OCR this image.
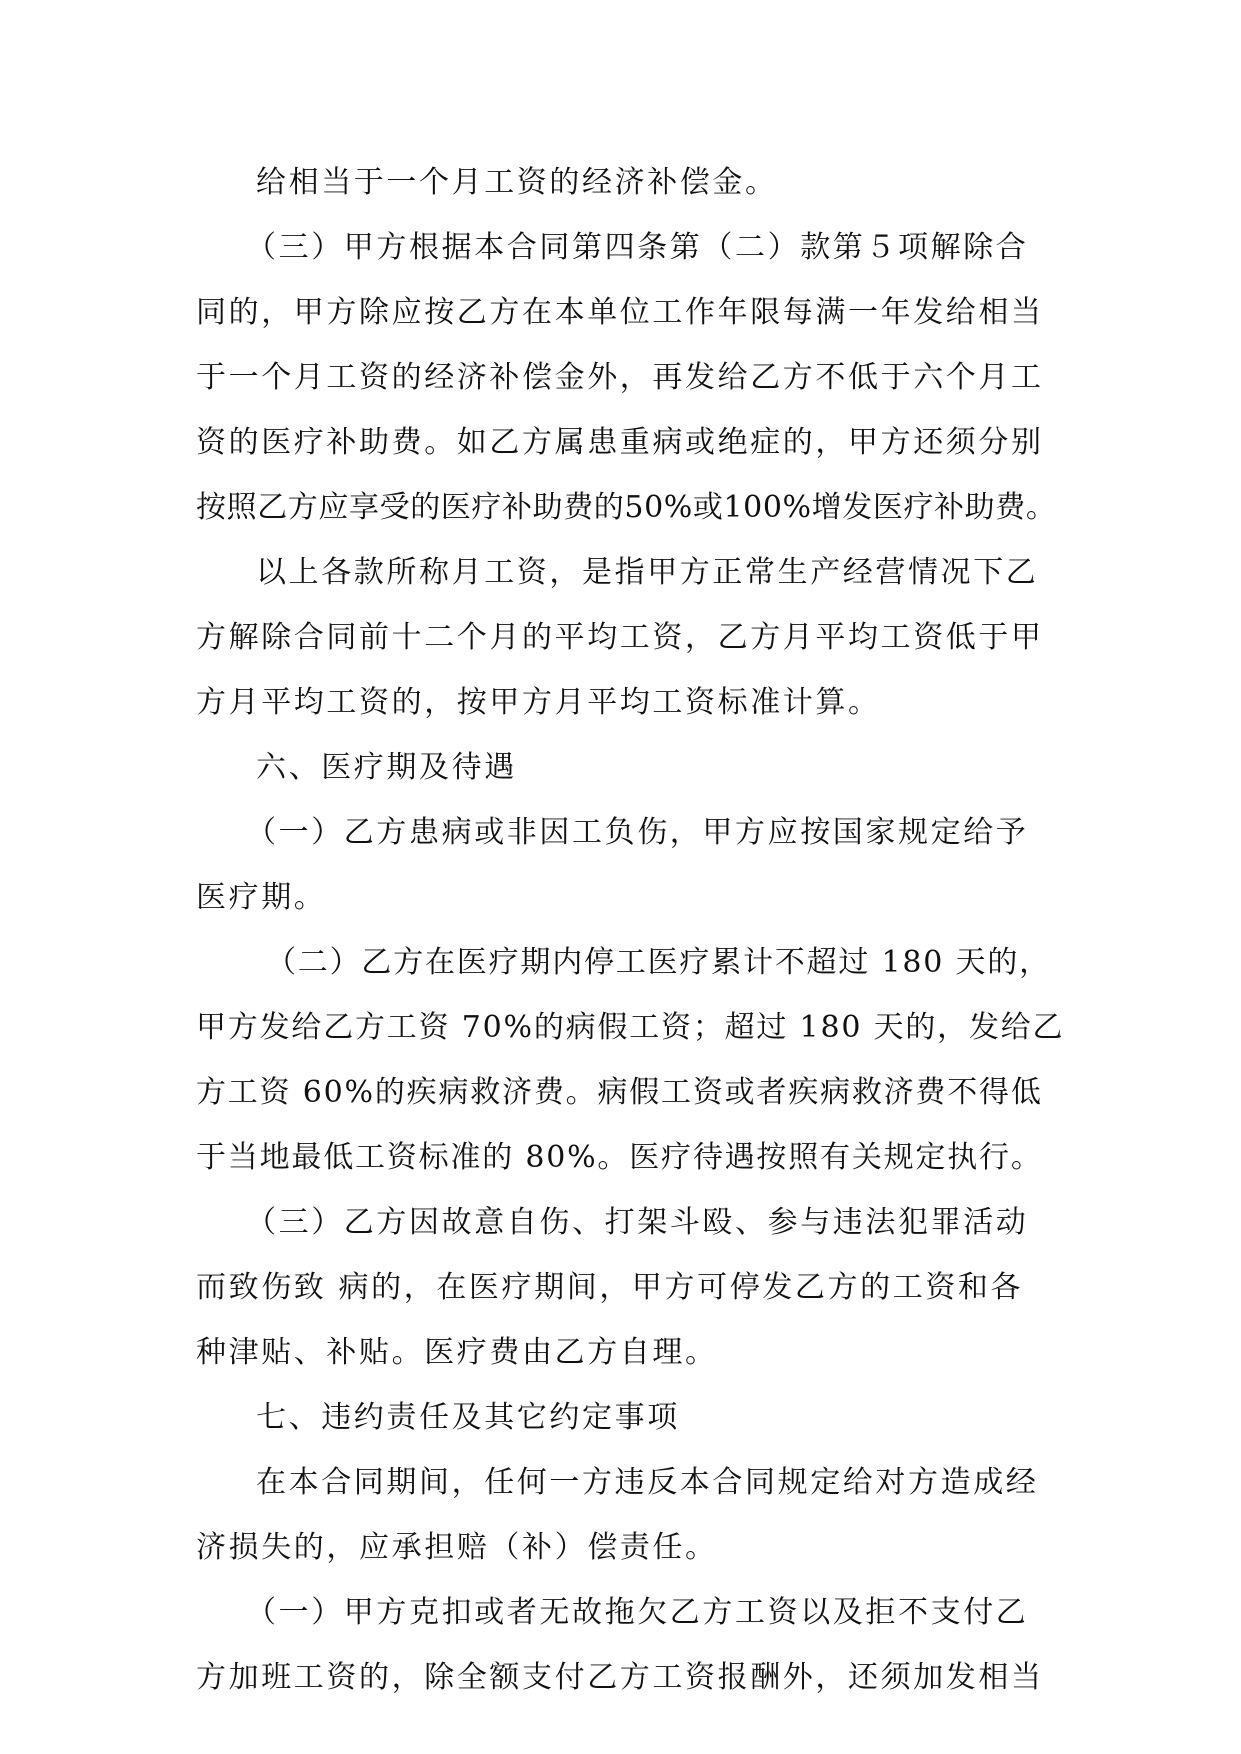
给相当于一个月工资的经济补偿金。
（三）甲方根据本合同第四条第（二）款第５项解除合
同的，甲方除应按乙方在本单位工作年限每满一年发给相当
于一个月工资的经济补偿金外，再发给乙方不低于六个月工
资的医疗补助费。如乙方属患重病或绝症的，甲方还须分别
按照乙方应享受的医疗补助费的50%或100%增发医疗补助费。
以上各款所称月工资，是指甲方正常生产经营情况下乙
方解除合同前十二个月的平均工资，乙方月平均工资低于甲
方月平均工资的，按甲方月平均工资标准计算。
六、医疗期及待遇
（一）乙方患病或非因工负伤，甲方应按国家规定给予
医疗期。
（二）乙方在医疗期内停工医疗累计不超过 180 天的，
甲方发给乙方工资 70%的病假工资；超过 180 天的，发给乙
方工资 60%的疾病救济费。病假工资或者疾病救济费不得低
于当地最低工资标准的 80%。医疗待遇按照有关规定执行。
（三）乙方因故意自伤、打架斗殴、参与违法犯罪活动
而致伤致 病的，在医疗期间，甲方可停发乙方的工资和各
种津贴、补贴。医疗费由乙方自理。
七、违约责任及其它约定事项
在本合同期间，任何一方违反本合同规定给对方造成经
济损失的，应承担赔（补）偿责任。
（一）甲方克扣或者无故拖欠乙方工资以及拒不支付乙
方加班工资的，除全额支付乙方工资报酬外，还须加发相当
